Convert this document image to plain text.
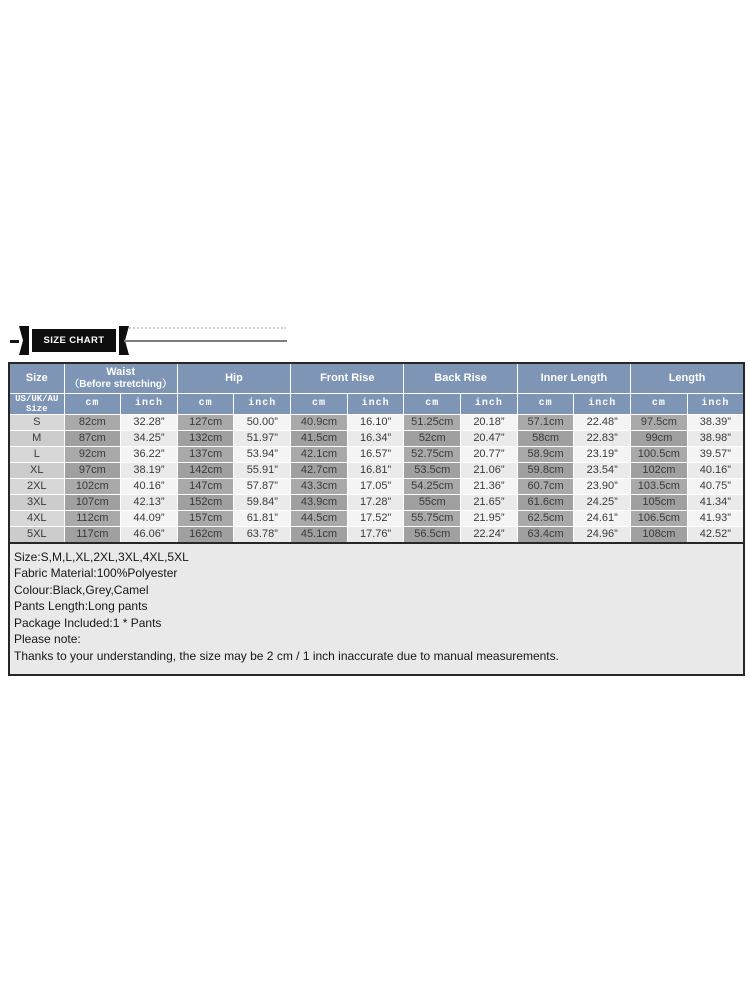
SIZE CHART
Size	Waist
（Before stretching）		Hip		Front Rise		Back Rise		Inner Length		Length	
US/UK/AU
Size	cm	inch	cm	inch	cm	inch	cm	inch	cm	inch	cm	inch
S	82cm	32.28”	127cm	50.00”	40.9cm	16.10”	51.25cm	20.18”	57.1cm	22.48”	97.5cm	38.39”
M	87cm	34.25”	132cm	51.97”	41.5cm	16.34”	52cm	20.47”	58cm	22.83”	99cm	38.98”
L	92cm	36.22”	137cm	53.94”	42.1cm	16.57”	52.75cm	20.77”	58.9cm	23.19”	100.5cm	39.57”
XL	97cm	38.19”	142cm	55.91”	42.7cm	16.81”	53.5cm	21.06”	59.8cm	23.54”	102cm	40.16”
2XL	102cm	40.16”	147cm	57.87”	43.3cm	17.05”	54.25cm	21.36”	60.7cm	23.90”	103.5cm	40.75”
3XL	107cm	42.13”	152cm	59.84”	43.9cm	17.28”	55cm	21.65”	61.6cm	24.25”	105cm	41.34”
4XL	112cm	44.09”	157cm	61.81”	44.5cm	17.52”	55.75cm	21.95”	62.5cm	24.61”	106.5cm	41.93”
5XL	117cm	46.06”	162cm	63.78”	45.1cm	17.76”	56.5cm	22.24”	63.4cm	24.96”	108cm	42.52”
Size:S,M,L,XL,2XL,3XL,4XL,5XL
Fabric Material:100%Polyester
Colour:Black,Grey,Camel
Pants Length:Long pants
Package Included:1 * Pants
Please note:
Thanks to your understanding, the size may be 2 cm / 1 inch inaccurate due to manual measurements.
